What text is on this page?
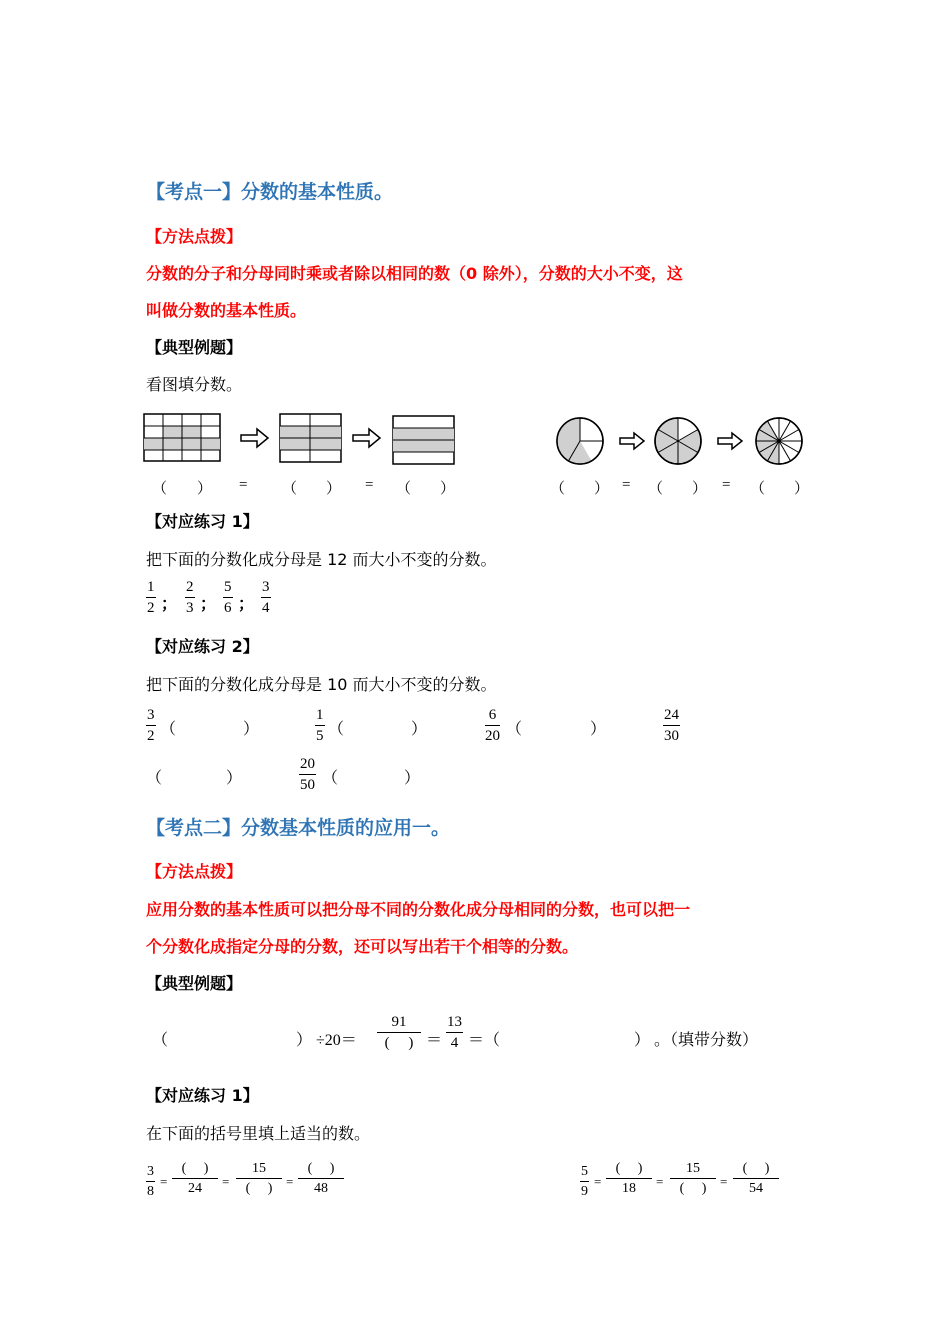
【考点一】分数的基本性质。
【方法点拨】
分数的分子和分母同时乘或者除以相同的数（0 除外），分数的大小不变，这
叫做分数的基本性质。
【典型例题】
看图填分数。
（ ） = （ ） = （ ）	（ ） = （ ） = （ ）
【对应练习 1】
把下面的分数化成分母是 12 而大小不变的分数。
$\frac{1}{2}$ ； $\frac{2}{3}$ ； $\frac{5}{6}$ ； $\frac{3}{4}$
【对应练习 2】
把下面的分数化成分母是 10 而大小不变的分数。
$\frac{3}{2}$ （	）	$\frac{1}{5}$ （	）	$\frac{6}{20}$ （	）	$\frac{24}{30}$
（	）	$\frac{20}{50}$ （	）
【考点二】分数基本性质的应用一。
【方法点拨】
应用分数的基本性质可以把分母不同的分数化成分母相同的分数，也可以把一
个分数化成指定分母的分数，还可以写出若干个相等的分数。
【典型例题】
（	） ÷20＝
91
(     ) ＝ $\frac{13}{4}$ ＝（	） 。（填带分数）
【对应练习 1】
在下面的括号里填上适当的数。
$\frac{3}{8}$ =
(     )
24	=
15
(     )	=
(     )
48	$\frac{5}{9}$ =
(     )
18	=
15
(     )	=
(     )
54
